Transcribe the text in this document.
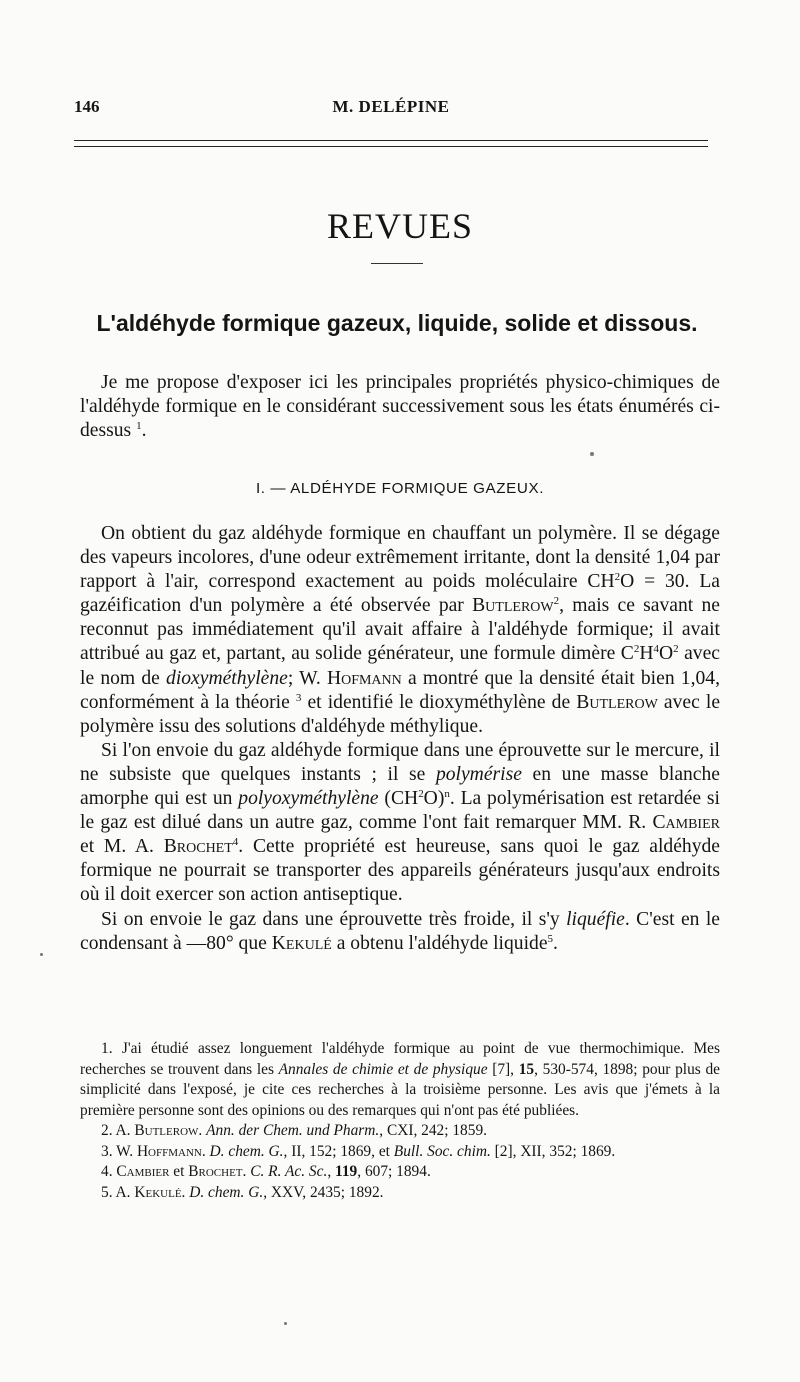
146	M. DELÉPINE
REVUES
L'aldéhyde formique gazeux, liquide, solide et dissous.

Je me propose d'exposer ici les principales propriétés physico-chimiques de l'aldéhyde formique en le considérant successivement sous les états énumérés ci-dessus $^1$.

I. — ALDÉHYDE FORMIQUE GAZEUX.

On obtient du gaz aldéhyde formique en chauffant un polymère. Il se dégage des vapeurs incolores, d'une odeur extrêmement irritante, dont la densité 1,04 par rapport à l'air, correspond exactement au poids moléculaire $CH^2O = 30$. La gazéification d'un polymère a été observée par Butlerow$^2$, mais ce savant ne reconnut pas immédiatement qu'il avait affaire à l'aldéhyde formique; il avait attribué au gaz et, partant, au solide générateur, une formule dimère $C^2H^4O^2$ avec le nom de dioxyméthylène; W. Hofmann a montré que la densité était bien 1,04, conformément à la théorie $^3$ et identifié le dioxyméthylène de Butlerow avec le polymère issu des solutions d'aldéhyde méthylique.

Si l'on envoie du gaz aldéhyde formique dans une éprouvette sur le mercure, il ne subsiste que quelques instants ; il se polymérise en une masse blanche amorphe qui est un polyoxyméthylène $(CH^2O)^n$. La polymérisation est retardée si le gaz est dilué dans un autre gaz, comme l'ont fait remarquer MM. R. Cambier et M. A. Brochet$^4$. Cette propriété est heureuse, sans quoi le gaz aldéhyde formique ne pourrait se transporter des appareils générateurs jusqu'aux endroits où il doit exercer son action antiseptique.

Si on envoie le gaz dans une éprouvette très froide, il s'y liquéfie. C'est en le condensant à —80° que Kekulé a obtenu l'aldéhyde liquide$^5$.

1. J'ai étudié assez longuement l'aldéhyde formique au point de vue thermochimique. Mes recherches se trouvent dans les Annales de chimie et de physique [7], 15, 530-574, 1898; pour plus de simplicité dans l'exposé, je cite ces recherches à la troisième personne. Les avis que j'émets à la première personne sont des opinions ou des remarques qui n'ont pas été publiées.

2. A. Butlerow. Ann. der Chem. und Pharm., CXI, 242; 1859.

3. W. Hoffmann. D. chem. G., II, 152; 1869, et Bull. Soc. chim. [2], XII, 352; 1869.

4. Cambier et Brochet. C. R. Ac. Sc., 119, 607; 1894.

5. A. Kekulé. D. chem. G., XXV, 2435; 1892.
